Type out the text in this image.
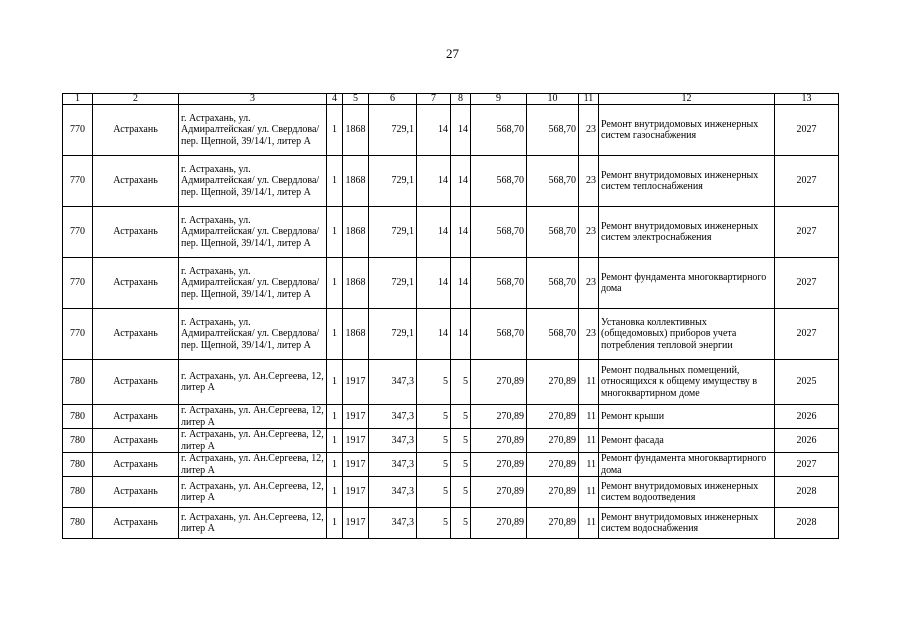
27
1	2	3	4	5	6	7	8	9	10	11	12	13
770	Астрахань	г. Астрахань, ул. Адмиралтейская/ ул. Свердлова/ пер. Щепной, 39/14/1, литер А	1	1868	729,1	14	14	568,70	568,70	23	Ремонт внутридомовых инженерных систем газоснабжения	2027
770	Астрахань	г. Астрахань, ул. Адмиралтейская/ ул. Свердлова/ пер. Щепной, 39/14/1, литер А	1	1868	729,1	14	14	568,70	568,70	23	Ремонт внутридомовых инженерных систем теплоснабжения	2027
770	Астрахань	г. Астрахань, ул. Адмиралтейская/ ул. Свердлова/ пер. Щепной, 39/14/1, литер А	1	1868	729,1	14	14	568,70	568,70	23	Ремонт внутридомовых инженерных систем электроснабжения	2027
770	Астрахань	г. Астрахань, ул. Адмиралтейская/ ул. Свердлова/ пер. Щепной, 39/14/1, литер А	1	1868	729,1	14	14	568,70	568,70	23	Ремонт фундамента многоквартирного дома	2027
770	Астрахань	г. Астрахань, ул. Адмиралтейская/ ул. Свердлова/ пер. Щепной, 39/14/1, литер А	1	1868	729,1	14	14	568,70	568,70	23	Установка коллективных (общедомовых) приборов учета потребления тепловой энергии	2027
780	Астрахань	г. Астрахань, ул. Ан.Сергеева, 12, литер А	1	1917	347,3	5	5	270,89	270,89	11	Ремонт подвальных помещений, относящихся к общему имуществу в многоквартирном доме	2025
780	Астрахань	г. Астрахань, ул. Ан.Сергеева, 12, литер А	1	1917	347,3	5	5	270,89	270,89	11	Ремонт крыши	2026
780	Астрахань	г. Астрахань, ул. Ан.Сергеева, 12, литер А	1	1917	347,3	5	5	270,89	270,89	11	Ремонт фасада	2026
780	Астрахань	г. Астрахань, ул. Ан.Сергеева, 12, литер А	1	1917	347,3	5	5	270,89	270,89	11	Ремонт фундамента многоквартирного дома	2027
780	Астрахань	г. Астрахань, ул. Ан.Сергеева, 12, литер А	1	1917	347,3	5	5	270,89	270,89	11	Ремонт внутридомовых инженерных систем водоотведения	2028
780	Астрахань	г. Астрахань, ул. Ан.Сергеева, 12, литер А	1	1917	347,3	5	5	270,89	270,89	11	Ремонт внутридомовых инженерных систем водоснабжения	2028
